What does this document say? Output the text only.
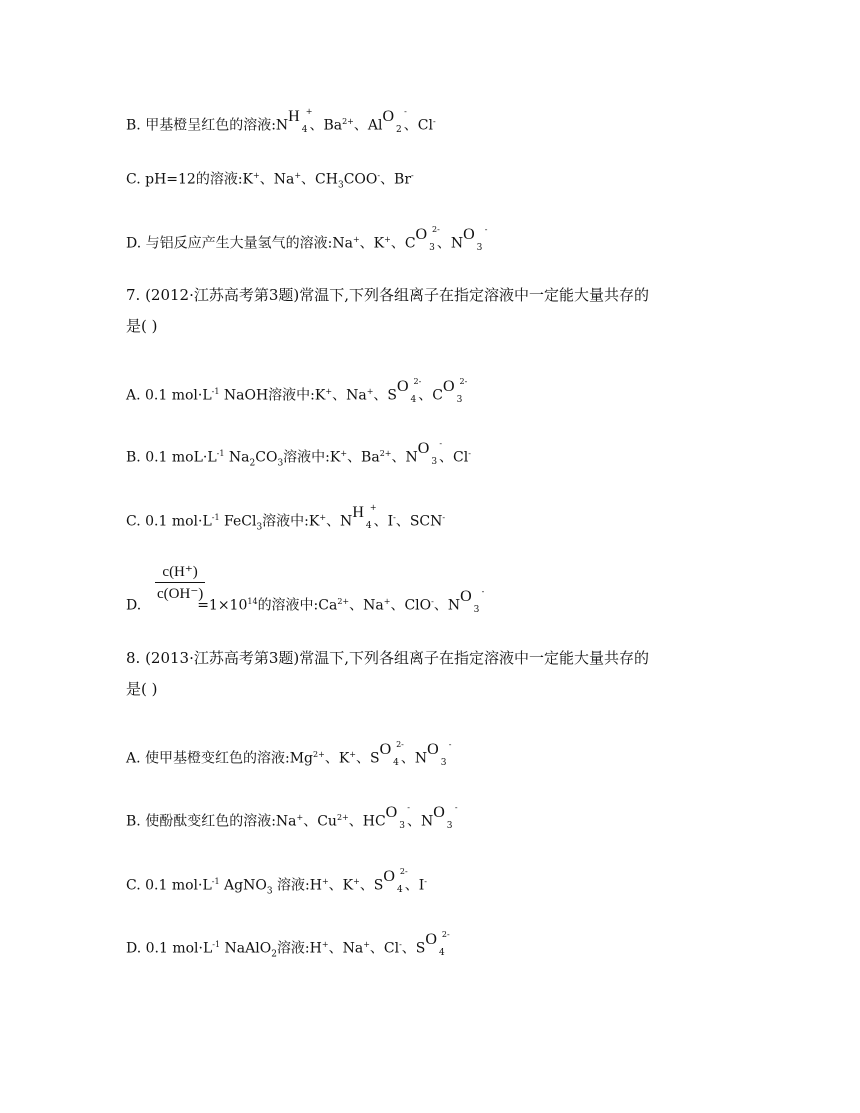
B. 甲基橙呈红色的溶液:NH +
4 、$Ba^{2+}$、AlO -
2 、Cl-
C. pH=12的溶液:K+、Na+、$CH_3COO^-$、Br-
D. 与铝反应产生大量氢气的溶液:Na+、K+、CO 2-
3 、NO -
3
7. (2012·江苏高考第3题)常温下,下列各组离子在指定溶液中一定能大量共存的
是( )
A. 0.1 $mol\cdot L^{-1}$ NaOH溶液中:K+、Na+、SO 2-
4 、CO 2-
3
B. 0.1 $moL\cdot L^{-1}$ $Na_2CO_3$溶液中:K+、$Ba^{2+}$、NO -
3 、Cl-
C. 0.1 $mol\cdot L^{-1}$ FeCl$_3$溶液中:K+、NH +
4 、I-、SCN-
c(H⁺)
c(OH⁻)
D.	$=1\times 10^{14}$的溶液中$:Ca^{2+}$、Na+、ClO-、NO -
3
8. (2013·江苏高考第3题)常温下,下列各组离子在指定溶液中一定能大量共存的
是( )
A. 使甲基橙变红色的溶液$:Mg^{2+}$、K+、SO 2-
4 、NO -
3
B. 使酚酞变红色的溶液:Na+、$Cu^{2+}$、HCO -
3 、NO -
3
C. 0.1 $mol\cdot L^{-1}$ AgNO$_3$ 溶液:H+、K+、SO 2-
4 、I-
D. 0.1 $mol\cdot L^{-1}$ NaAlO$_2$溶液:H+、Na+、Cl-、SO 2-
4
